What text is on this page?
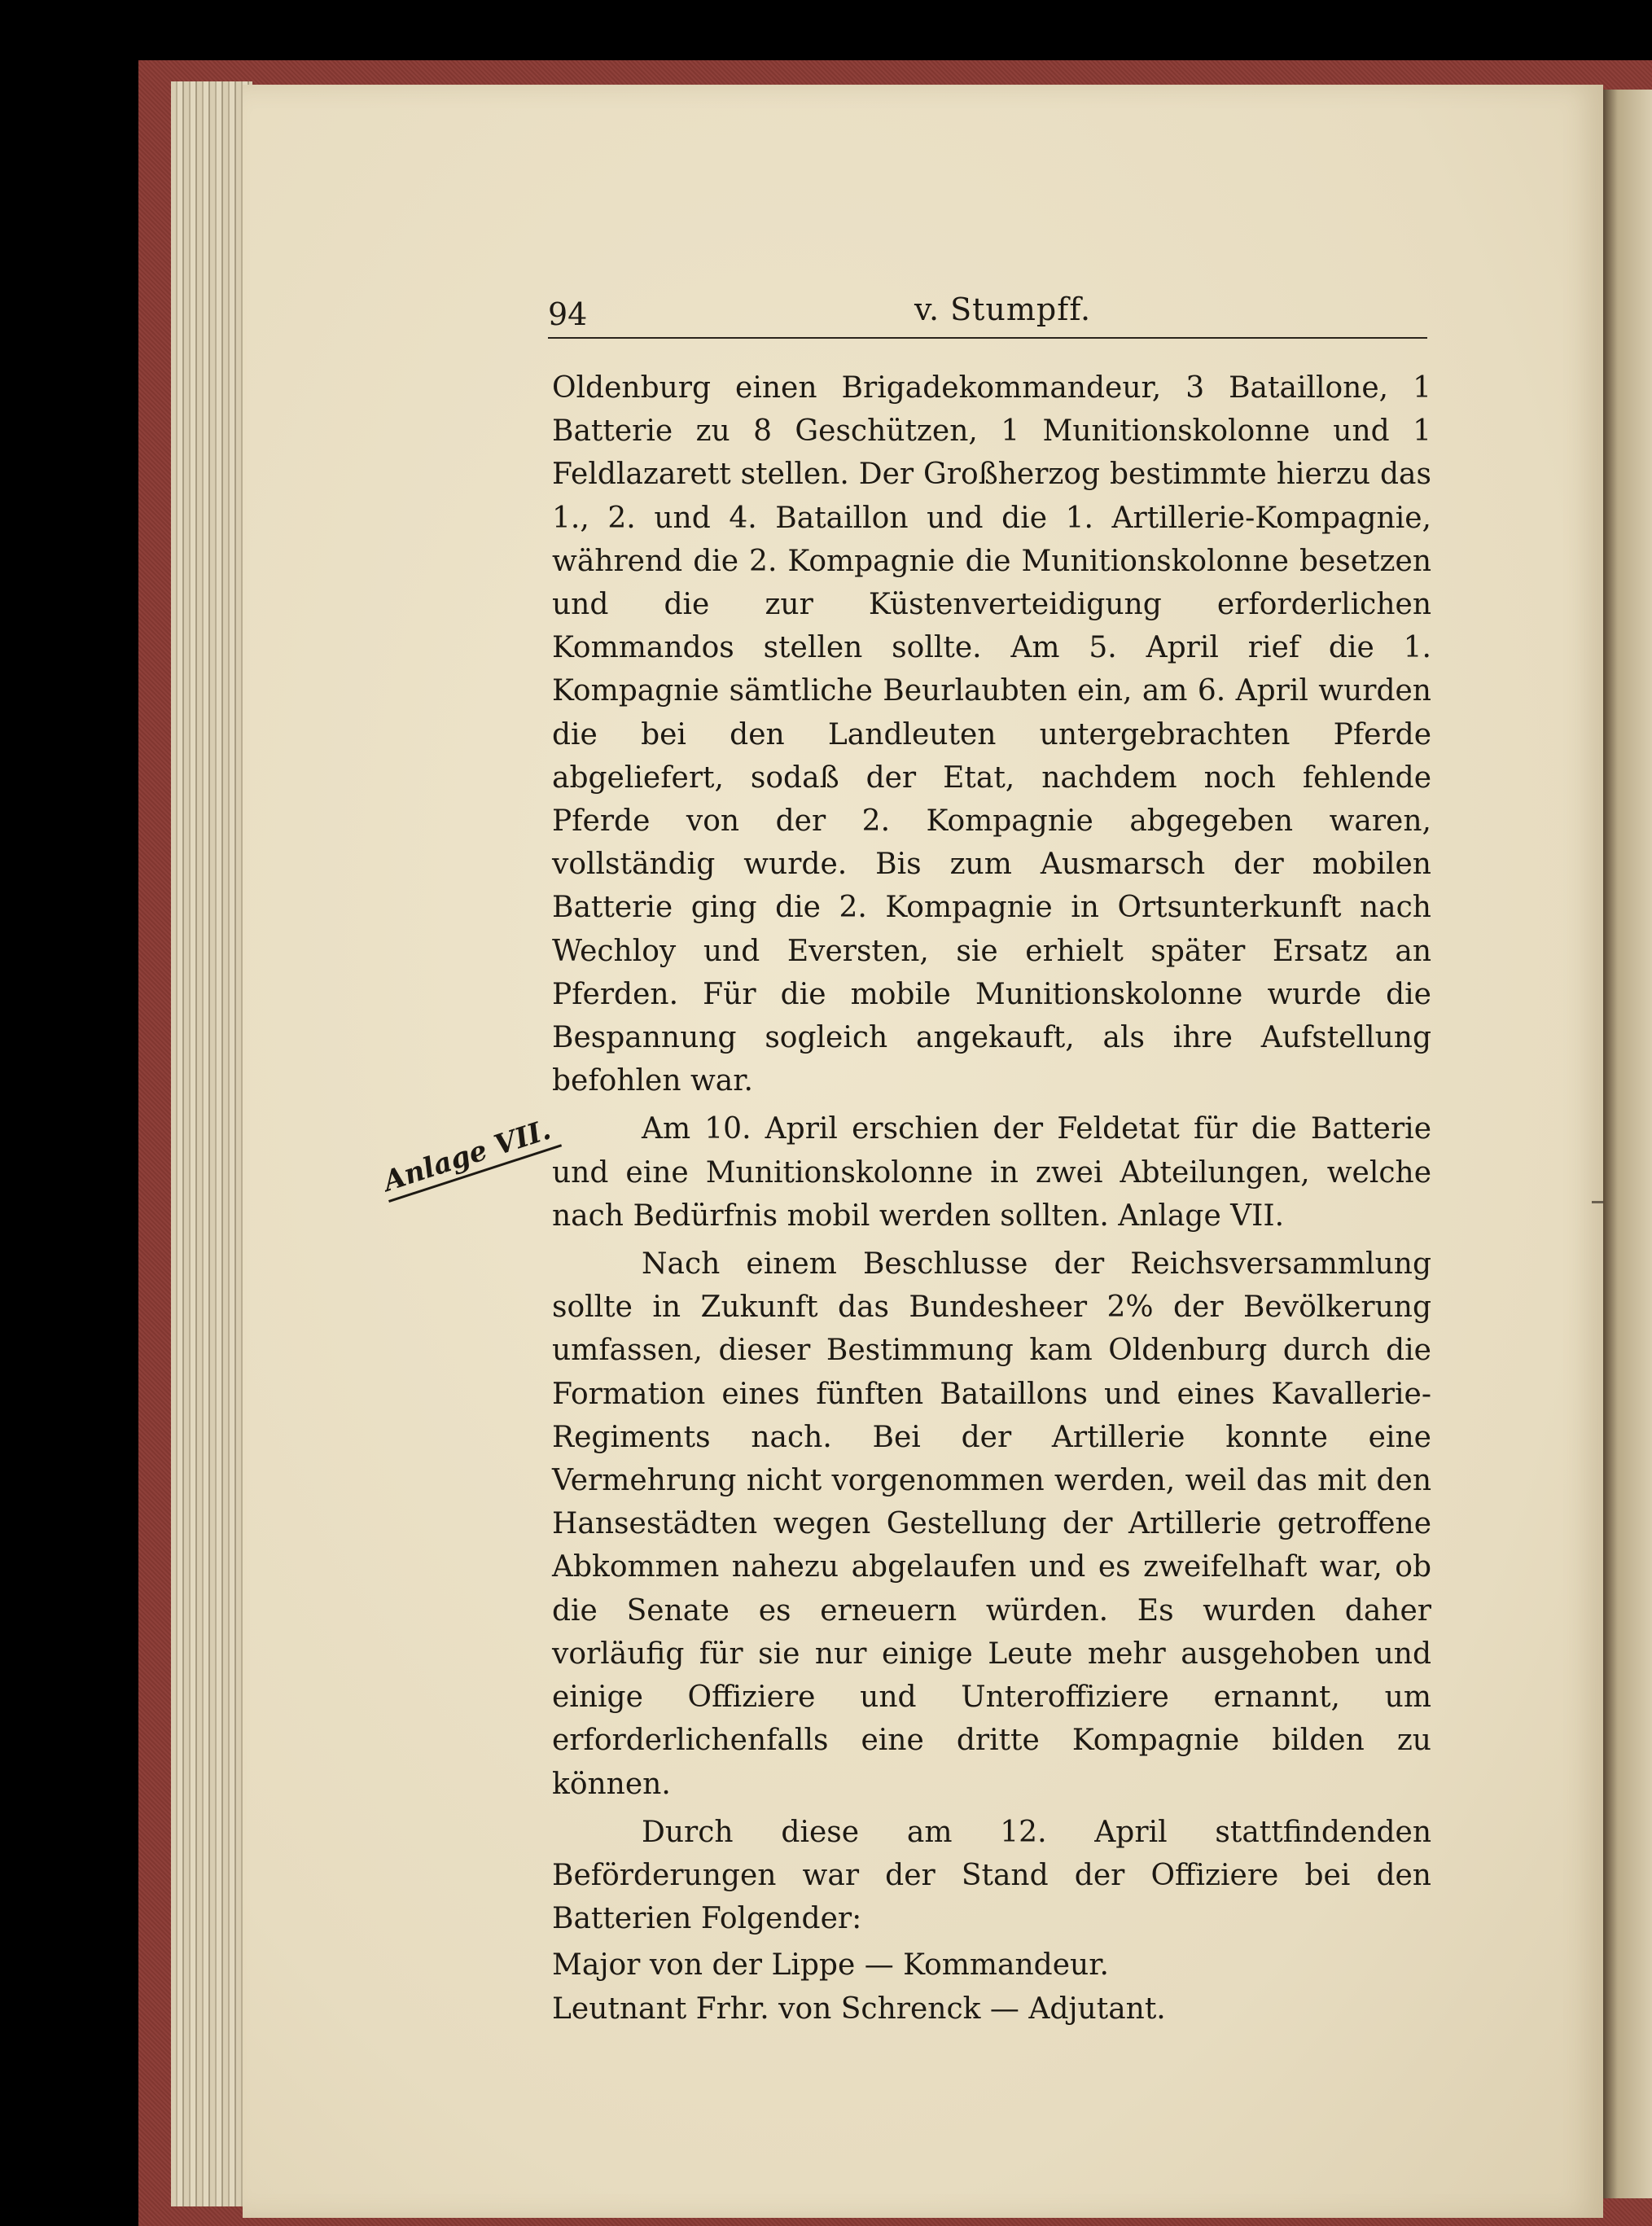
94	v. Stumpff.
Anlage VII.

Oldenburg einen Brigadekommandeur, 3 Bataillone, 1 Batterie zu 8 Geschützen, 1 Munitionskolonne und 1 Feldlazarett stellen. Der Großherzog bestimmte hierzu das 1., 2. und 4. Bataillon und die 1. Artillerie-Kompagnie, während die 2. Kompagnie die Munitionskolonne besetzen und die zur Küstenverteidigung erforderlichen Kommandos stellen sollte. Am 5. April rief die 1. Kompagnie sämtliche Beurlaubten ein, am 6. April wurden die bei den Landleuten untergebrachten Pferde abgeliefert, sodaß der Etat, nachdem noch fehlende Pferde von der 2. Kompagnie abgegeben waren, vollständig wurde. Bis zum Ausmarsch der mobilen Batterie ging die 2. Kompagnie in Ortsunterkunft nach Wechloy und Eversten, sie erhielt später Ersatz an Pferden. Für die mobile Munitionskolonne wurde die Bespannung sogleich angekauft, als ihre Aufstellung befohlen war.

Am 10. April erschien der Feldetat für die Batterie und eine Munitionskolonne in zwei Abteilungen, welche nach Bedürfnis mobil werden sollten. Anlage VII.

Nach einem Beschlusse der Reichsversammlung sollte in Zukunft das Bundesheer 2% der Bevölkerung umfassen, dieser Bestimmung kam Oldenburg durch die Formation eines fünften Bataillons und eines Kavallerie-Regiments nach. Bei der Artillerie konnte eine Vermehrung nicht vorgenommen werden, weil das mit den Hansestädten wegen Gestellung der Artillerie getroffene Abkommen nahezu abgelaufen und es zweifelhaft war, ob die Senate es erneuern würden. Es wurden daher vorläufig für sie nur einige Leute mehr ausgehoben und einige Offiziere und Unteroffiziere ernannt, um erforderlichenfalls eine dritte Kompagnie bilden zu können.

Durch diese am 12. April stattfindenden Beförderungen war der Stand der Offiziere bei den Batterien Folgender:

Major von der Lippe — Kommandeur.
Leutnant Frhr. von Schrenck — Adjutant.
